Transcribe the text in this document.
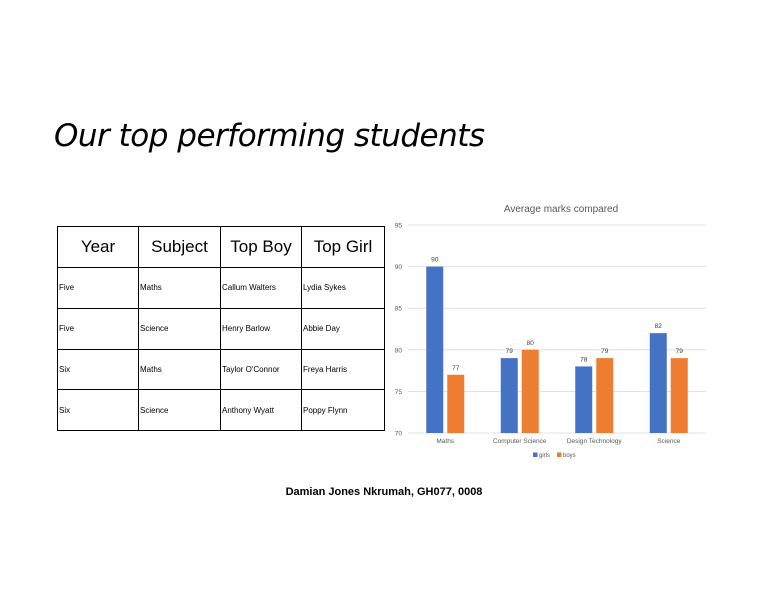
Our top performing students
Year	Subject	Top Boy	Top Girl
Five	Maths	Callum Walters	Lydia Sykes
Five	Science	Henry Barlow	Abbie Day
Six	Maths	Taylor O'Connor	Freya Harris
Six	Science	Anthony Wyatt	Poppy Flynn
Average marks compared
70
75
80
85
90
95
90
77
Maths
79
80
Computer Science
78
79
Design Technology
82
79
Science
girls boys
Damian Jones Nkrumah, GH077, 0008
